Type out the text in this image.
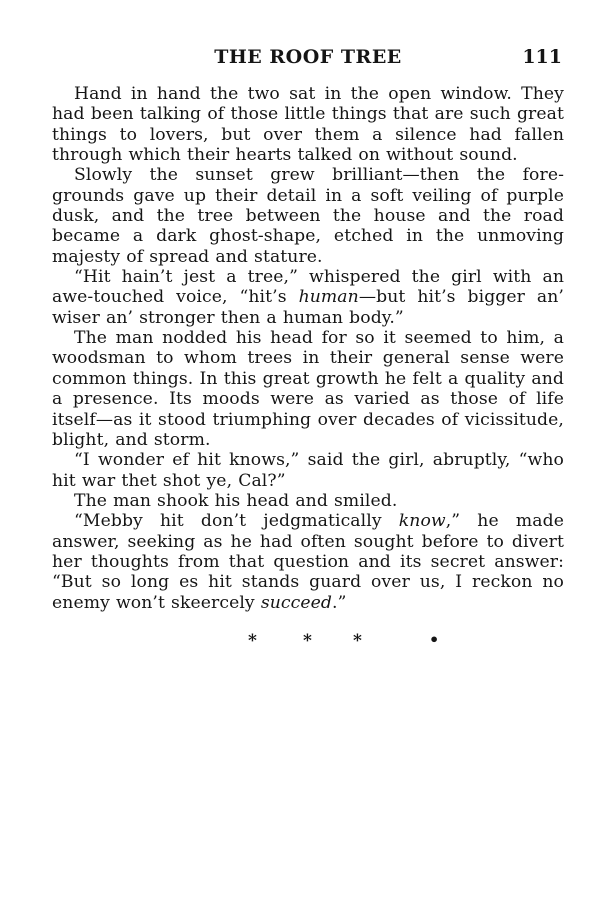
THE ROOF TREE	111

Hand in hand the two sat in the open window. They had been talking of those little things that are such great things to lovers, but over them a silence had fallen through which their hearts talked on without sound.

Slowly the sunset grew brilliant—then the fore-grounds gave up their detail in a soft veiling of purple dusk, and the tree between the house and the road became a dark ghost-shape, etched in the unmoving majesty of spread and stature.

“Hit hain’t jest a tree,” whispered the girl with an awe-touched voice, “hit’s human—but hit’s bigger an’ wiser an’ stronger then a human body.”

The man nodded his head for so it seemed to him, a woodsman to whom trees in their general sense were common things. In this great growth he felt a quality and a presence. Its moods were as varied as those of life itself—as it stood triumphing over decades of vicissitude, blight, and storm.

“I wonder ef hit knows,” said the girl, abruptly, “who hit war thet shot ye, Cal?”

The man shook his head and smiled.

“Mebby hit don’t jedgmatically know,” he made answer, seeking as he had often sought before to divert her thoughts from that question and its secret answer: “But so long es hit stands guard over us, I reckon no enemy won’t skeercely succeed.”

*	* *	•
